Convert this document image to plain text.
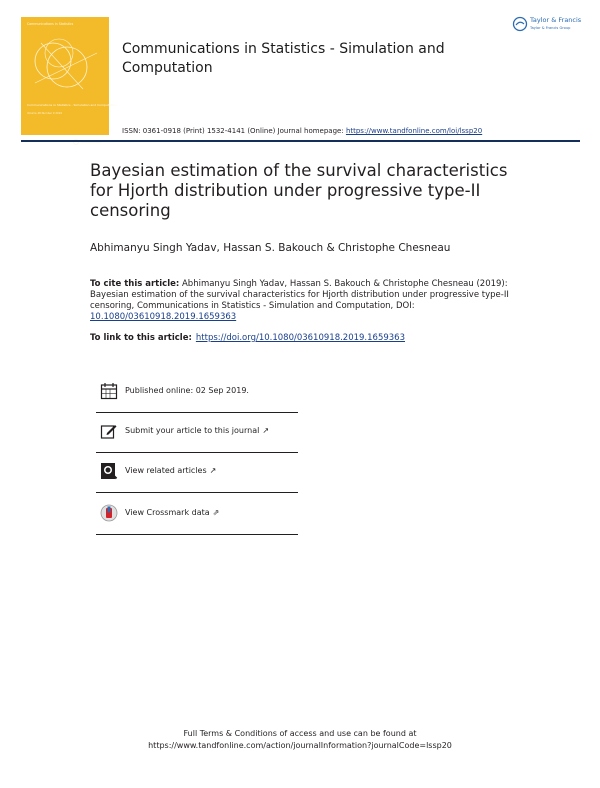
Communications in Statistics
Communications in Statistics - Simulation and Computation
Volume 48 Number 9 2019
Communications in Statistics - Simulation and Computation
Taylor & Francis
Taylor & Francis Group
ISSN: 0361-0918 (Print) 1532-4141 (Online) Journal homepage: https://www.tandfonline.com/loi/lssp20
Bayesian estimation of the survival characteristics for Hjorth distribution under progressive type-II censoring
Abhimanyu Singh Yadav, Hassan S. Bakouch & Christophe Chesneau
To cite this article: Abhimanyu Singh Yadav, Hassan S. Bakouch & Christophe Chesneau (2019): Bayesian estimation of the survival characteristics for Hjorth distribution under progressive type-II censoring, Communications in Statistics - Simulation and Computation, DOI: 10.1080/03610918.2019.1659363
To link to this article: https://doi.org/10.1080/03610918.2019.1659363
Published online: 02 Sep 2019.
Submit your article to this journal ↗
View related articles ↗
View Crossmark data ⇗
Full Terms & Conditions of access and use can be found at
https://www.tandfonline.com/action/journalInformation?journalCode=lssp20
